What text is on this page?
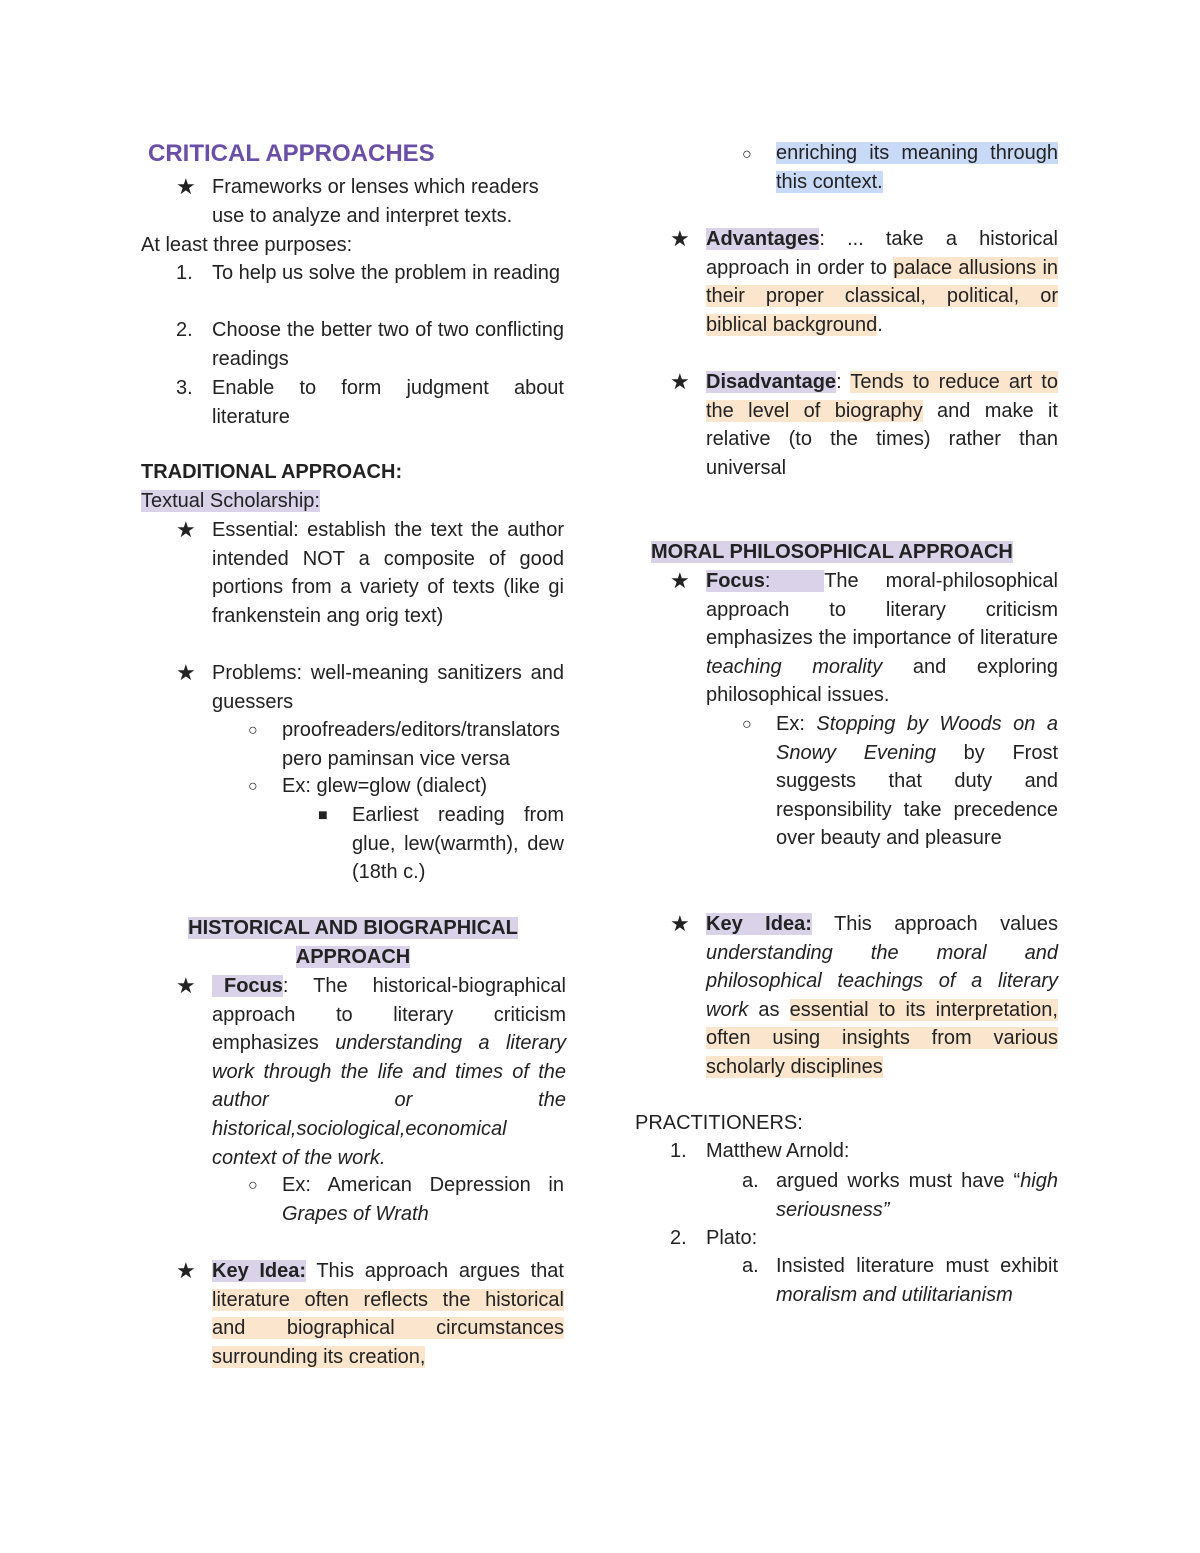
CRITICAL APPROACHES
★ Frameworks or lenses which readers use to analyze and interpret texts.

At least three purposes:

1. To help us solve the problem in reading

2. Choose the better two of two conflicting readings

3. Enable to form judgment about literature

TRADITIONAL APPROACH:
Textual Scholarship:
★ Essential: establish the text the author intended NOT a composite of good portions from a variety of texts (like gi frankenstein ang orig text)

★ Problems: well-meaning sanitizers and guessers

○ proofreaders/editors/translators pero paminsan vice versa

○ Ex: glew=glow (dialect)

■ Earliest reading from glue, lew(warmth), dew (18th c.)

HISTORICAL AND BIOGRAPHICAL
APPROACH
★	Focus: The historical-biographical approach to literary criticism emphasizes understanding a literary work through the life and times of the author or the historical,sociological,economical context of the work.

○ Ex: American Depression in Grapes of Wrath

★ Key Idea: This approach argues that literature often reflects the historical and biographical circumstances surrounding its creation,

○ enriching its meaning through this context.

★ Advantages: ... take a historical approach in order to palace allusions in their proper classical, political, or biblical background.

★ Disadvantage: Tends to reduce art to the level of biography and make it relative (to the times) rather than universal

MORAL PHILOSOPHICAL APPROACH
★ Focus:	The moral-philosophical approach to literary criticism emphasizes the importance of literature teaching morality and exploring philosophical issues.

○ Ex: Stopping by Woods on a Snowy Evening by Frost suggests that duty and responsibility take precedence over beauty and pleasure

★ Key Idea: This approach values understanding the moral and philosophical teachings of a literary work as essential to its interpretation, often using insights from various scholarly disciplines

PRACTITIONERS:
1. Matthew Arnold:

a. argued works must have “high seriousness”

2. Plato:

a. Insisted literature must exhibit moralism and utilitarianism
